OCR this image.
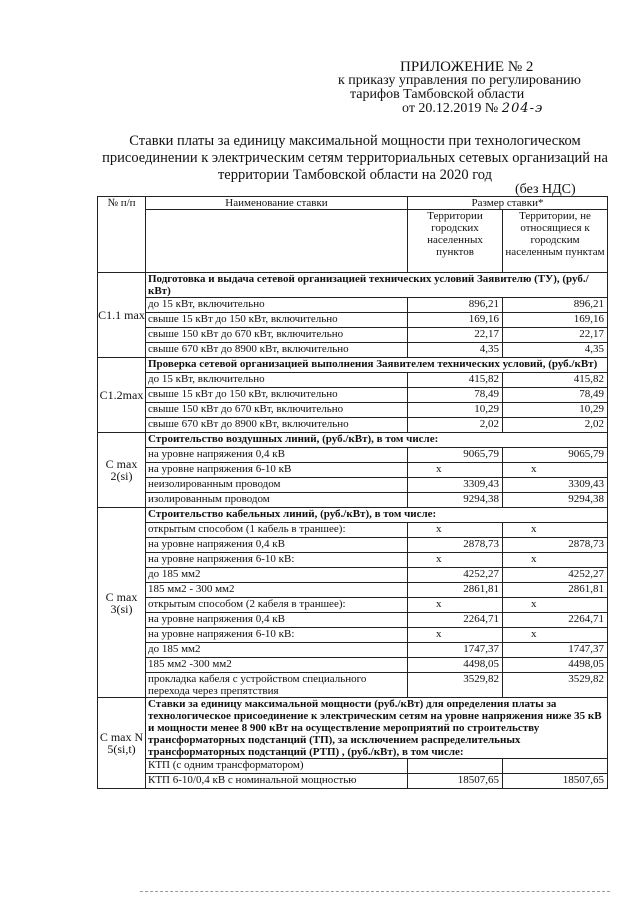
ПРИЛОЖЕНИЕ № 2
к приказу управления по регулированию
тарифов Тамбовской области
от 20.12.2019 № 204-э
Ставки платы за единицу максимальной мощности при технологическом присоединении к электрическим сетям территориальных сетевых организаций на территории Тамбовской области на 2020 год
(без НДС)
№ п/п	Наименование ставки	Размер ставки*	
		Территории городских населенных пунктов	Территории, не относящиеся к городским населенным пунктам
C1.1 max	Подготовка и выдача сетевой организацией технических условий Заявителю (ТУ), (руб./кВт)		
	до 15 кВт, включительно	896,21	896,21
	свыше 15 кВт до 150 кВт, включительно	169,16	169,16
	свыше 150 кВт до 670 кВт, включительно	22,17	22,17
	свыше 670 кВт до 8900 кВт, включительно	4,35	4,35
C1.2max	Проверка сетевой организацией выполнения Заявителем технических условий, (руб./кВт)		
	до 15 кВт, включительно	415,82	415,82
	свыше 15 кВт до 150 кВт, включительно	78,49	78,49
	свыше 150 кВт до 670 кВт, включительно	10,29	10,29
	свыше 670 кВт до 8900 кВт, включительно	2,02	2,02
C max 2(si)	Строительство воздушных линий, (руб./кВт), в том числе:		
	на уровне напряжения 0,4 кВ	9065,79	9065,79
	на уровне напряжения 6-10 кВ	x	x
	неизолированным проводом	3309,43	3309,43
	изолированным проводом	9294,38	9294,38
C max 3(si)	Строительство кабельных линий, (руб./кВт), в том числе:		
	открытым способом (1 кабель в траншее):	x	x
	на уровне напряжения 0,4 кВ	2878,73	2878,73
	на уровне напряжения 6-10 кВ:	x	x
	до 185 мм2	4252,27	4252,27
	185 мм2 - 300 мм2	2861,81	2861,81
	открытым способом (2 кабеля в траншее):	x	x
	на уровне напряжения 0,4 кВ	2264,71	2264,71
	на уровне напряжения 6-10 кВ:	x	x
	до 185 мм2	1747,37	1747,37
	185 мм2 -300 мм2	4498,05	4498,05
	прокладка кабеля с устройством специального перехода через препятствия	3529,82	3529,82
C max N 5(si,t)	Ставки за единицу максимальной мощности (руб./кВт) для определения платы за технологическое присоединение к электрическим сетям на уровне напряжения ниже 35 кВ и мощности менее 8 900 кВт на осуществление мероприятий по строительству трансформаторных подстанций (ТП), за исключением распределительных трансформаторных подстанций (РТП) , (руб./кВт), в том числе:		
	КТП (с одним трансформатором)		
	КТП 6-10/0,4 кВ с номинальной мощностью	18507,65	18507,65
